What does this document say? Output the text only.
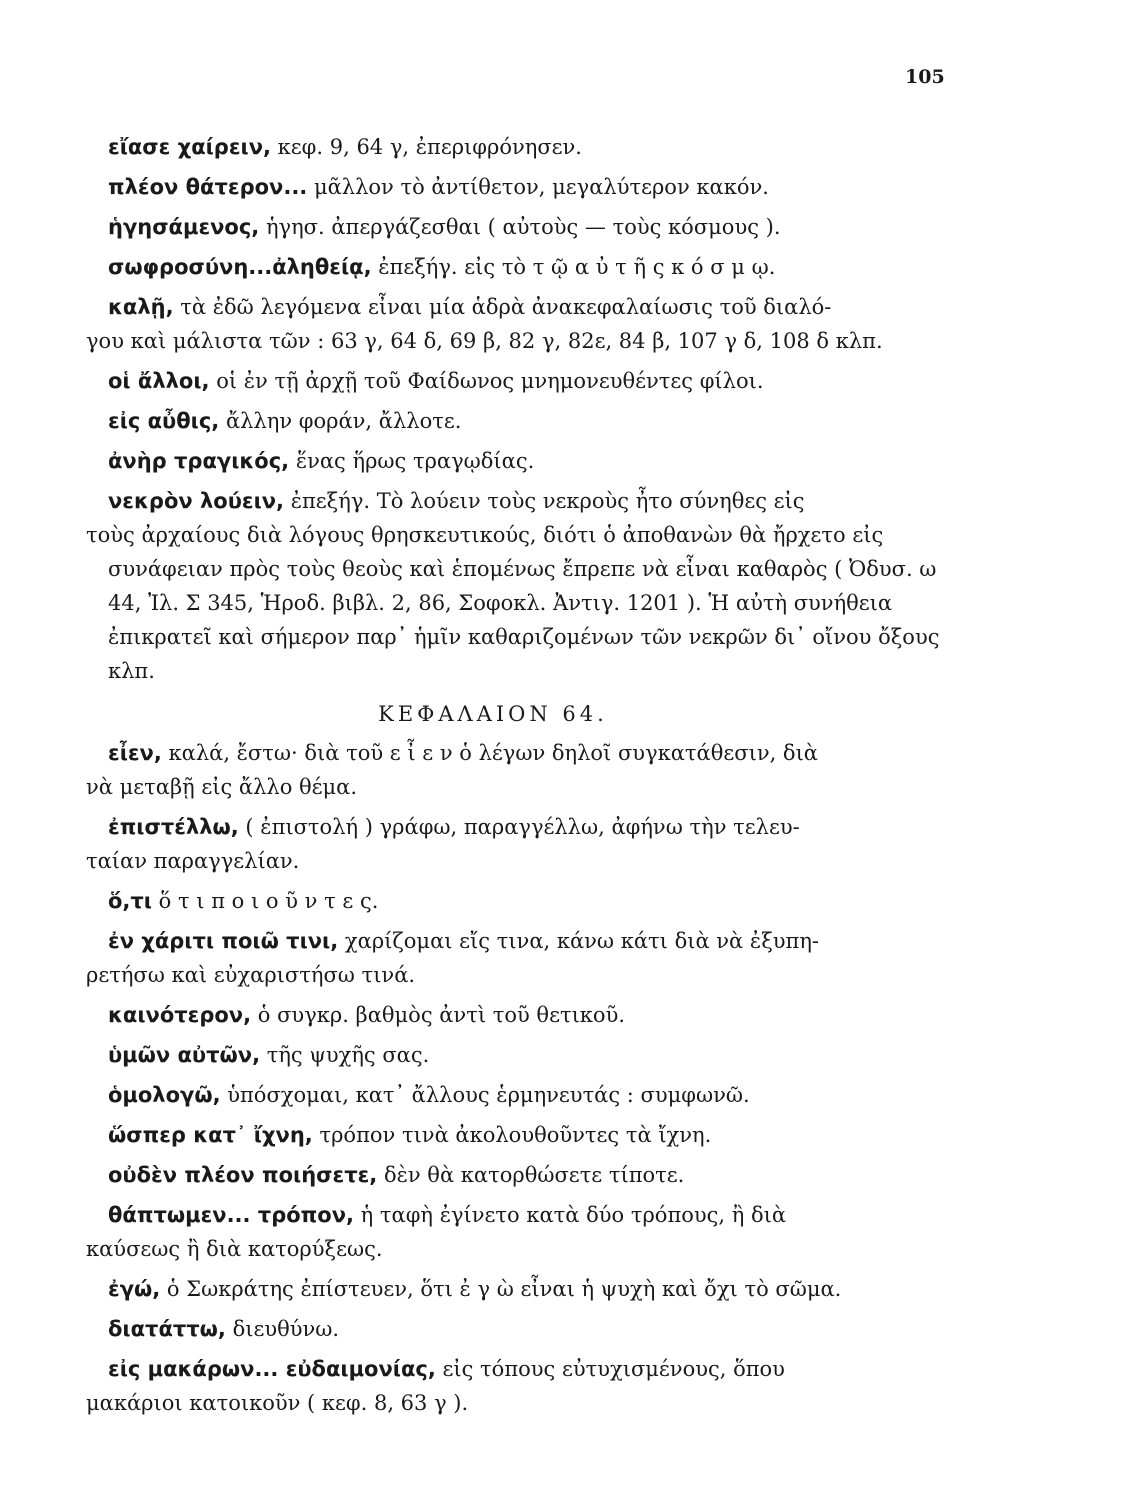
105

εἴασε χαίρειν, κεφ. 9, 64 γ, ἐπεριφρόνησεν.

πλέον θάτερον... μᾶλλον τὸ ἀντίθετον, μεγαλύτερον κακόν.

ἡγησάμενος, ἡγησ. ἀπεργάζεσθαι ( αὐτοὺς — τοὺς κόσμους ).

σωφροσύνη...ἀληθείᾳ, ἐπεξήγ. εἰς τὸ τ ῷ α ὐ τ ῆ ς κ ό σ μ ῳ.

καλῇ, τὰ ἐδῶ λεγόμενα εἶναι μία ἁδρὰ ἀνακεφαλαίωσις τοῦ διαλό-
γου καὶ μάλιστα τῶν : 63 γ, 64 δ, 69 β, 82 γ, 82ε, 84 β, 107 γ δ, 108 δ κλπ.

οἱ ἄλλοι, οἱ ἐν τῇ ἀρχῇ τοῦ Φαίδωνος μνημονευθέντες φίλοι.

εἰς αὖθις, ἄλλην φοράν, ἄλλοτε.

ἀνὴρ τραγικός, ἕνας ἥρως τραγῳδίας.

νεκρὸν λούειν, ἐπεξήγ. Τὸ λούειν τοὺς νεκροὺς ἦτο σύνηθες εἰς
τοὺς ἀρχαίους διὰ λόγους θρησκευτικούς, διότι ὁ ἀποθανὼν θὰ ἤρχετο εἰς συνάφειαν πρὸς τοὺς θεοὺς καὶ ἑπομένως ἔπρεπε νὰ εἶναι καθαρὸς ( Ὀδυσ. ω 44, Ἰλ. Σ 345, Ἡροδ. βιβλ. 2, 86, Σοφοκλ. Ἀντιγ. 1201 ). Ἡ αὐτὴ συνήθεια ἐπικρατεῖ καὶ σήμερον παρ᾽ ἡμῖν καθαριζομένων τῶν νεκρῶν δι᾽ οἴνου ὄξους κλπ.

ΚΕΦΑΛΑΙΟΝ 64.

εἶεν, καλά, ἔστω· διὰ τοῦ ε ἶ ε ν ὁ λέγων δηλοῖ συγκατάθεσιν, διὰ
νὰ μεταβῇ εἰς ἄλλο θέμα.

ἐπιστέλλω, ( ἐπιστολή ) γράφω, παραγγέλλω, ἀφήνω τὴν τελευ-
ταίαν παραγγελίαν.

ὅ,τι ὅ τ ι π ο ι ο ῦ ν τ ε ς.

ἐν χάριτι ποιῶ τινι, χαρίζομαι εἴς τινα, κάνω κάτι διὰ νὰ ἐξυπη-
ρετήσω καὶ εὐχαριστήσω τινά.

καινότερον, ὁ συγκρ. βαθμὸς ἀντὶ τοῦ θετικοῦ.

ὑμῶν αὐτῶν, τῆς ψυχῆς σας.

ὁμολογῶ, ὑπόσχομαι, κατ᾽ ἄλλους ἑρμηνευτάς : συμφωνῶ.

ὥσπερ κατ᾽ ἴχνη, τρόπον τινὰ ἀκολουθοῦντες τὰ ἴχνη.

οὐδὲν πλέον ποιήσετε, δὲν θὰ κατορθώσετε τίποτε.

θάπτωμεν... τρόπον, ἡ ταφὴ ἐγίνετο κατὰ δύο τρόπους, ἢ διὰ
καύσεως ἢ διὰ κατορύξεως.

ἐγώ, ὁ Σωκράτης ἐπίστευεν, ὅτι ἐ γ ὼ εἶναι ἡ ψυχὴ καὶ ὄχι τὸ σῶμα.

διατάττω, διευθύνω.

εἰς μακάρων... εὐδαιμονίας, εἰς τόπους εὐτυχισμένους, ὅπου
μακάριοι κατοικοῦν ( κεφ. 8, 63 γ ).
